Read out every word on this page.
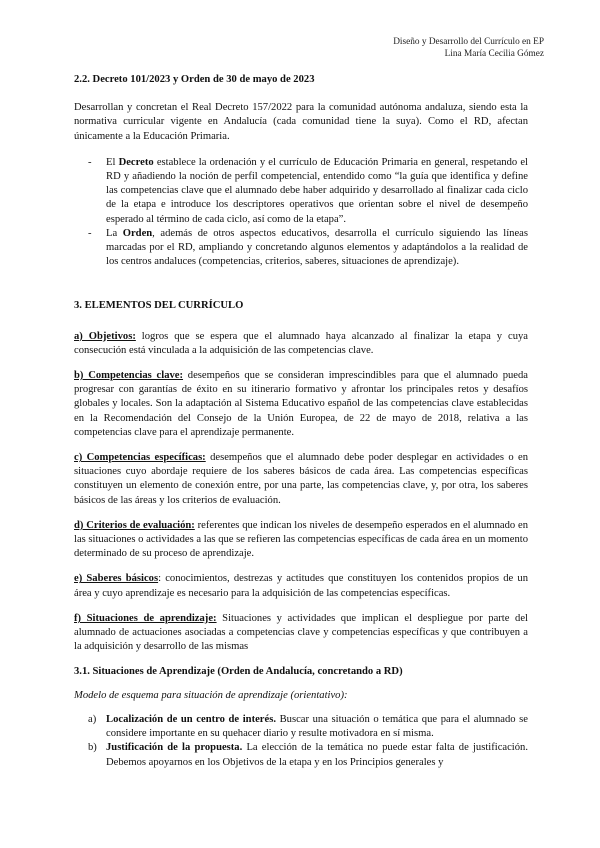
Diseño y Desarrollo del Currículo en EP
Lina María Cecilia Gómez
2.2. Decreto 101/2023 y Orden de 30 de mayo de 2023

Desarrollan y concretan el Real Decreto 157/2022 para la comunidad autónoma andaluza, siendo esta la normativa curricular vigente en Andalucía (cada comunidad tiene la suya). Como el RD, afectan únicamente a la Educación Primaria.

- El Decreto establece la ordenación y el currículo de Educación Primaria en general, respetando el RD y añadiendo la noción de perfil competencial, entendido como “la guía que identifica y define las competencias clave que el alumnado debe haber adquirido y desarrollado al finalizar cada ciclo de la etapa e introduce los descriptores operativos que orientan sobre el nivel de desempeño esperado al término de cada ciclo, así como de la etapa”.
- La Orden, además de otros aspectos educativos, desarrolla el currículo siguiendo las líneas marcadas por el RD, ampliando y concretando algunos elementos y adaptándolos a la realidad de los centros andaluces (competencias, criterios, saberes, situaciones de aprendizaje).
3. ELEMENTOS DEL CURRÍCULO

a) Objetivos: logros que se espera que el alumnado haya alcanzado al finalizar la etapa y cuya consecución está vinculada a la adquisición de las competencias clave.

b) Competencias clave: desempeños que se consideran imprescindibles para que el alumnado pueda progresar con garantías de éxito en su itinerario formativo y afrontar los principales retos y desafíos globales y locales. Son la adaptación al Sistema Educativo español de las competencias clave establecidas en la Recomendación del Consejo de la Unión Europea, de 22 de mayo de 2018, relativa a las competencias clave para el aprendizaje permanente.

c) Competencias específicas: desempeños que el alumnado debe poder desplegar en actividades o en situaciones cuyo abordaje requiere de los saberes básicos de cada área. Las competencias específicas constituyen un elemento de conexión entre, por una parte, las competencias clave, y, por otra, los saberes básicos de las áreas y los criterios de evaluación.

d) Criterios de evaluación: referentes que indican los niveles de desempeño esperados en el alumnado en las situaciones o actividades a las que se refieren las competencias específicas de cada área en un momento determinado de su proceso de aprendizaje.

e) Saberes básicos: conocimientos, destrezas y actitudes que constituyen los contenidos propios de un área y cuyo aprendizaje es necesario para la adquisición de las competencias específicas.

f) Situaciones de aprendizaje: Situaciones y actividades que implican el despliegue por parte del alumnado de actuaciones asociadas a competencias clave y competencias específicas y que contribuyen a la adquisición y desarrollo de las mismas

3.1. Situaciones de Aprendizaje (Orden de Andalucía, concretando a RD)

Modelo de esquema para situación de aprendizaje (orientativo):

a) Localización de un centro de interés. Buscar una situación o temática que para el alumnado se considere importante en su quehacer diario y resulte motivadora en sí misma.
b) Justificación de la propuesta. La elección de la temática no puede estar falta de justificación. Debemos apoyarnos en los Objetivos de la etapa y en los Principios generales y
